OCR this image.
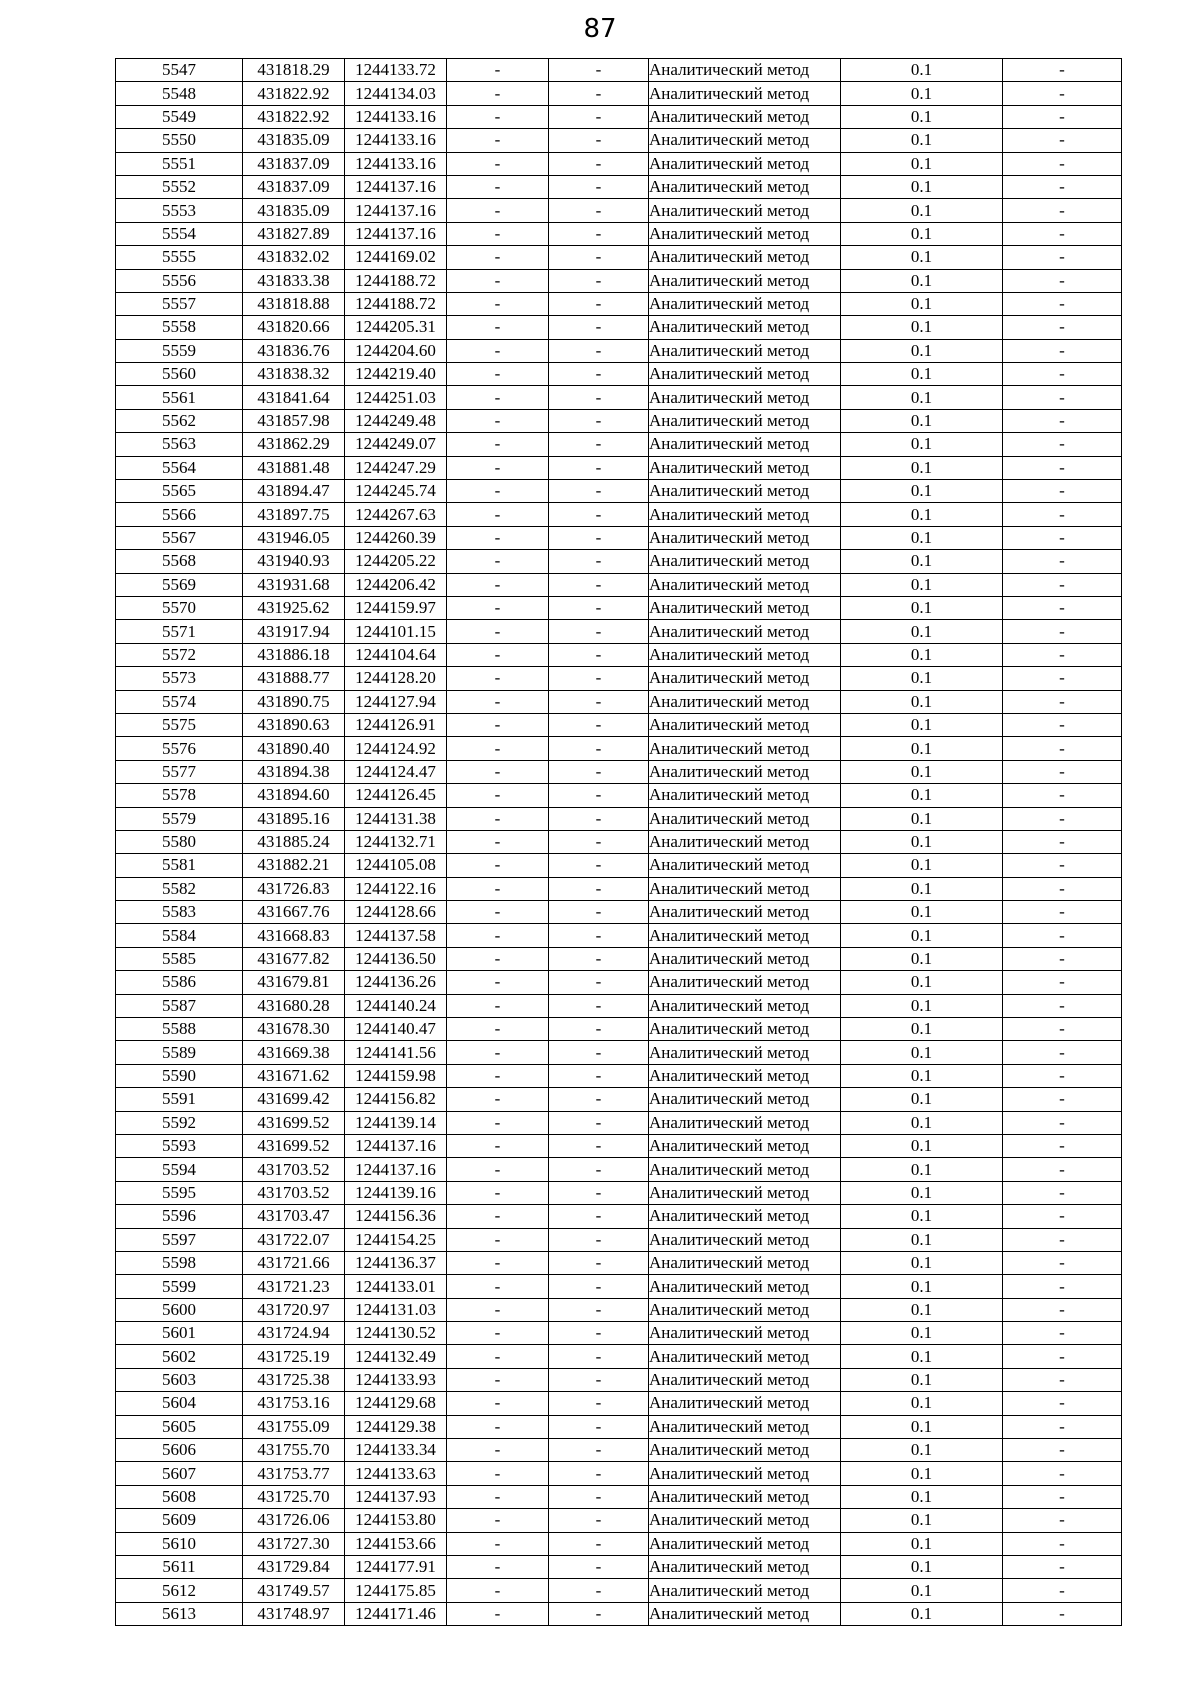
87
5547	431818.29	1244133.72	-	-	Аналитический метод	0.1	-
5548	431822.92	1244134.03	-	-	Аналитический метод	0.1	-
5549	431822.92	1244133.16	-	-	Аналитический метод	0.1	-
5550	431835.09	1244133.16	-	-	Аналитический метод	0.1	-
5551	431837.09	1244133.16	-	-	Аналитический метод	0.1	-
5552	431837.09	1244137.16	-	-	Аналитический метод	0.1	-
5553	431835.09	1244137.16	-	-	Аналитический метод	0.1	-
5554	431827.89	1244137.16	-	-	Аналитический метод	0.1	-
5555	431832.02	1244169.02	-	-	Аналитический метод	0.1	-
5556	431833.38	1244188.72	-	-	Аналитический метод	0.1	-
5557	431818.88	1244188.72	-	-	Аналитический метод	0.1	-
5558	431820.66	1244205.31	-	-	Аналитический метод	0.1	-
5559	431836.76	1244204.60	-	-	Аналитический метод	0.1	-
5560	431838.32	1244219.40	-	-	Аналитический метод	0.1	-
5561	431841.64	1244251.03	-	-	Аналитический метод	0.1	-
5562	431857.98	1244249.48	-	-	Аналитический метод	0.1	-
5563	431862.29	1244249.07	-	-	Аналитический метод	0.1	-
5564	431881.48	1244247.29	-	-	Аналитический метод	0.1	-
5565	431894.47	1244245.74	-	-	Аналитический метод	0.1	-
5566	431897.75	1244267.63	-	-	Аналитический метод	0.1	-
5567	431946.05	1244260.39	-	-	Аналитический метод	0.1	-
5568	431940.93	1244205.22	-	-	Аналитический метод	0.1	-
5569	431931.68	1244206.42	-	-	Аналитический метод	0.1	-
5570	431925.62	1244159.97	-	-	Аналитический метод	0.1	-
5571	431917.94	1244101.15	-	-	Аналитический метод	0.1	-
5572	431886.18	1244104.64	-	-	Аналитический метод	0.1	-
5573	431888.77	1244128.20	-	-	Аналитический метод	0.1	-
5574	431890.75	1244127.94	-	-	Аналитический метод	0.1	-
5575	431890.63	1244126.91	-	-	Аналитический метод	0.1	-
5576	431890.40	1244124.92	-	-	Аналитический метод	0.1	-
5577	431894.38	1244124.47	-	-	Аналитический метод	0.1	-
5578	431894.60	1244126.45	-	-	Аналитический метод	0.1	-
5579	431895.16	1244131.38	-	-	Аналитический метод	0.1	-
5580	431885.24	1244132.71	-	-	Аналитический метод	0.1	-
5581	431882.21	1244105.08	-	-	Аналитический метод	0.1	-
5582	431726.83	1244122.16	-	-	Аналитический метод	0.1	-
5583	431667.76	1244128.66	-	-	Аналитический метод	0.1	-
5584	431668.83	1244137.58	-	-	Аналитический метод	0.1	-
5585	431677.82	1244136.50	-	-	Аналитический метод	0.1	-
5586	431679.81	1244136.26	-	-	Аналитический метод	0.1	-
5587	431680.28	1244140.24	-	-	Аналитический метод	0.1	-
5588	431678.30	1244140.47	-	-	Аналитический метод	0.1	-
5589	431669.38	1244141.56	-	-	Аналитический метод	0.1	-
5590	431671.62	1244159.98	-	-	Аналитический метод	0.1	-
5591	431699.42	1244156.82	-	-	Аналитический метод	0.1	-
5592	431699.52	1244139.14	-	-	Аналитический метод	0.1	-
5593	431699.52	1244137.16	-	-	Аналитический метод	0.1	-
5594	431703.52	1244137.16	-	-	Аналитический метод	0.1	-
5595	431703.52	1244139.16	-	-	Аналитический метод	0.1	-
5596	431703.47	1244156.36	-	-	Аналитический метод	0.1	-
5597	431722.07	1244154.25	-	-	Аналитический метод	0.1	-
5598	431721.66	1244136.37	-	-	Аналитический метод	0.1	-
5599	431721.23	1244133.01	-	-	Аналитический метод	0.1	-
5600	431720.97	1244131.03	-	-	Аналитический метод	0.1	-
5601	431724.94	1244130.52	-	-	Аналитический метод	0.1	-
5602	431725.19	1244132.49	-	-	Аналитический метод	0.1	-
5603	431725.38	1244133.93	-	-	Аналитический метод	0.1	-
5604	431753.16	1244129.68	-	-	Аналитический метод	0.1	-
5605	431755.09	1244129.38	-	-	Аналитический метод	0.1	-
5606	431755.70	1244133.34	-	-	Аналитический метод	0.1	-
5607	431753.77	1244133.63	-	-	Аналитический метод	0.1	-
5608	431725.70	1244137.93	-	-	Аналитический метод	0.1	-
5609	431726.06	1244153.80	-	-	Аналитический метод	0.1	-
5610	431727.30	1244153.66	-	-	Аналитический метод	0.1	-
5611	431729.84	1244177.91	-	-	Аналитический метод	0.1	-
5612	431749.57	1244175.85	-	-	Аналитический метод	0.1	-
5613	431748.97	1244171.46	-	-	Аналитический метод	0.1	-
